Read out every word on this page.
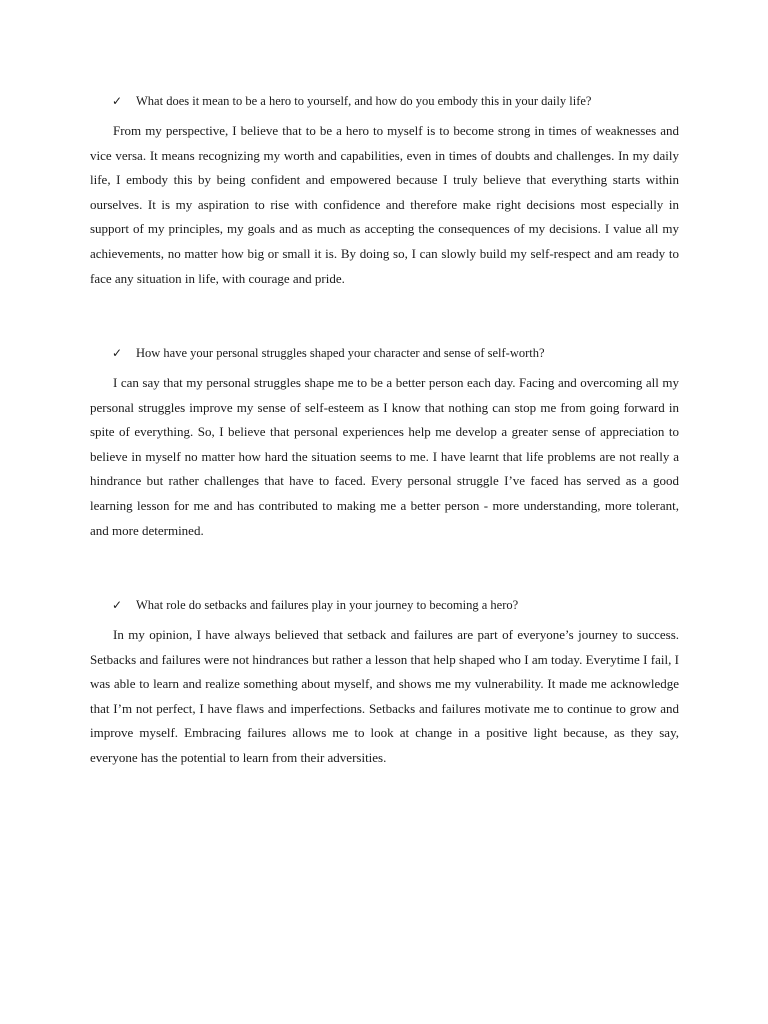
✓ What does it mean to be a hero to yourself, and how do you embody this in your daily life?

From my perspective, I believe that to be a hero to myself is to become strong in times of weaknesses and vice versa. It means recognizing my worth and capabilities, even in times of doubts and challenges. In my daily life, I embody this by being confident and empowered because I truly believe that everything starts within ourselves. It is my aspiration to rise with confidence and therefore make right decisions most especially in support of my principles, my goals and as much as accepting the consequences of my decisions. I value all my achievements, no matter how big or small it is. By doing so, I can slowly build my self-respect and am ready to face any situation in life, with courage and pride.

✓ How have your personal struggles shaped your character and sense of self-worth?

I can say that my personal struggles shape me to be a better person each day. Facing and overcoming all my personal struggles improve my sense of self-esteem as I know that nothing can stop me from going forward in spite of everything. So, I believe that personal experiences help me develop a greater sense of appreciation to believe in myself no matter how hard the situation seems to me. I have learnt that life problems are not really a hindrance but rather challenges that have to faced. Every personal struggle I’ve faced has served as a good learning lesson for me and has contributed to making me a better person - more understanding, more tolerant, and more determined.

✓ What role do setbacks and failures play in your journey to becoming a hero?

In my opinion, I have always believed that setback and failures are part of everyone’s journey to success. Setbacks and failures were not hindrances but rather a lesson that help shaped who I am today. Everytime I fail, I was able to learn and realize something about myself, and shows me my vulnerability. It made me acknowledge that I’m not perfect, I have flaws and imperfections. Setbacks and failures motivate me to continue to grow and improve myself. Embracing failures allows me to look at change in a positive light because, as they say, everyone has the potential to learn from their adversities.
